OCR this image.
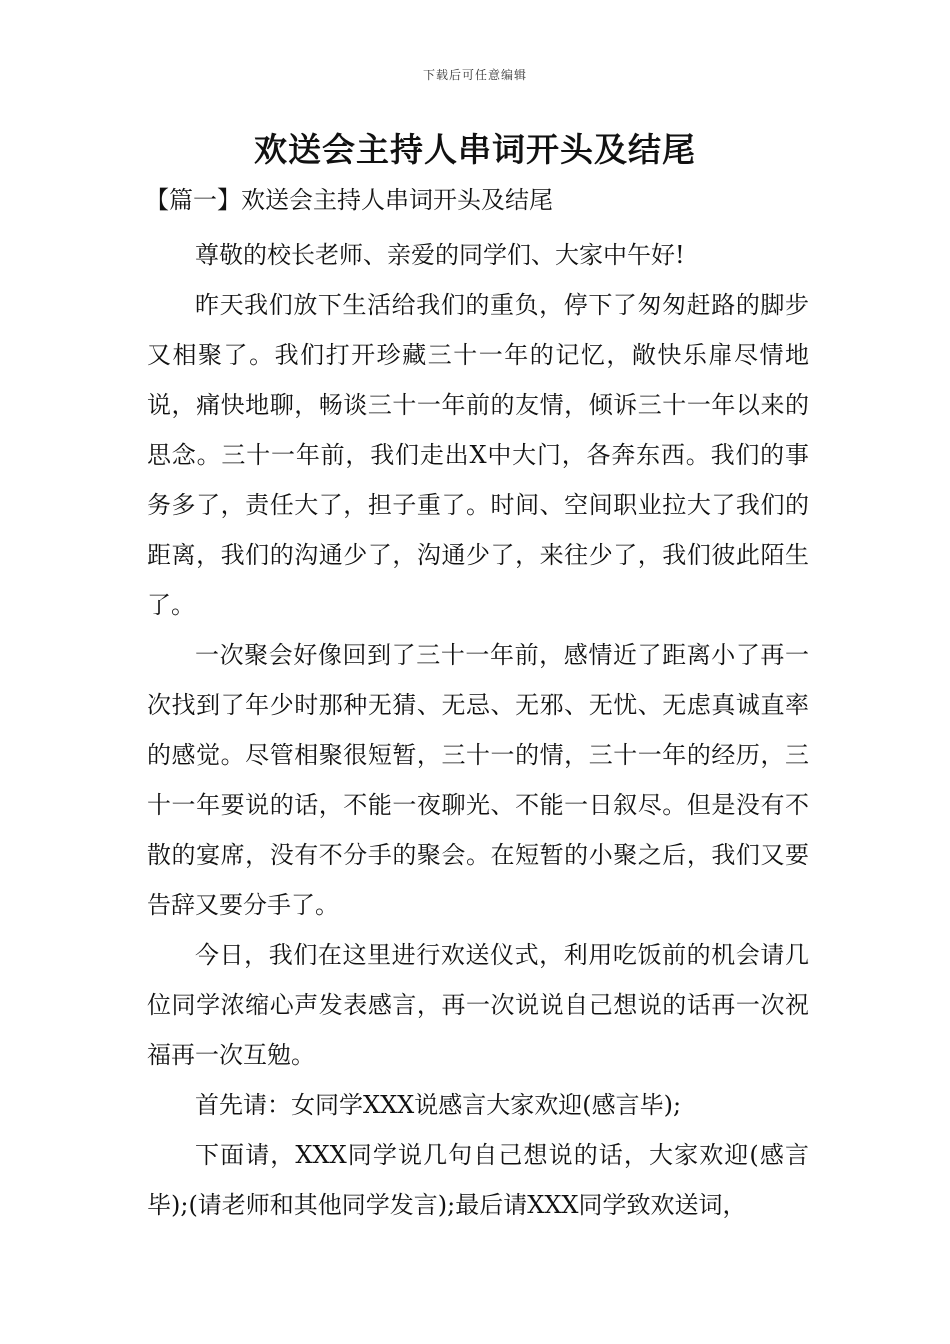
下载后可任意编辑
欢送会主持人串词开头及结尾
【篇一】欢送会主持人串词开头及结尾

尊敬的校长老师、亲爱的同学们、大家中午好!

昨天我们放下生活给我们的重负，停下了匆匆赶路的脚步又相聚了。我们打开珍藏三十一年的记忆，敞快乐扉尽情地说，痛快地聊，畅谈三十一年前的友情，倾诉三十一年以来的思念。三十一年前，我们走出X中大门，各奔东西。我们的事务多了，责任大了，担子重了。时间、空间职业拉大了我们的距离，我们的沟通少了，沟通少了，来往少了，我们彼此陌生了。

一次聚会好像回到了三十一年前，感情近了距离小了再一次找到了年少时那种无猜、无忌、无邪、无忧、无虑真诚直率的感觉。尽管相聚很短暂，三十一的情，三十一年的经历，三十一年要说的话，不能一夜聊光、不能一日叙尽。但是没有不散的宴席，没有不分手的聚会。在短暂的小聚之后，我们又要告辞又要分手了。

今日，我们在这里进行欢送仪式，利用吃饭前的机会请几位同学浓缩心声发表感言，再一次说说自己想说的话再一次祝福再一次互勉。

首先请：女同学XXX说感言大家欢迎(感言毕);

下面请，XXX同学说几句自己想说的话，大家欢迎(感言毕);(请老师和其他同学发言);最后请XXX同学致欢送词，
